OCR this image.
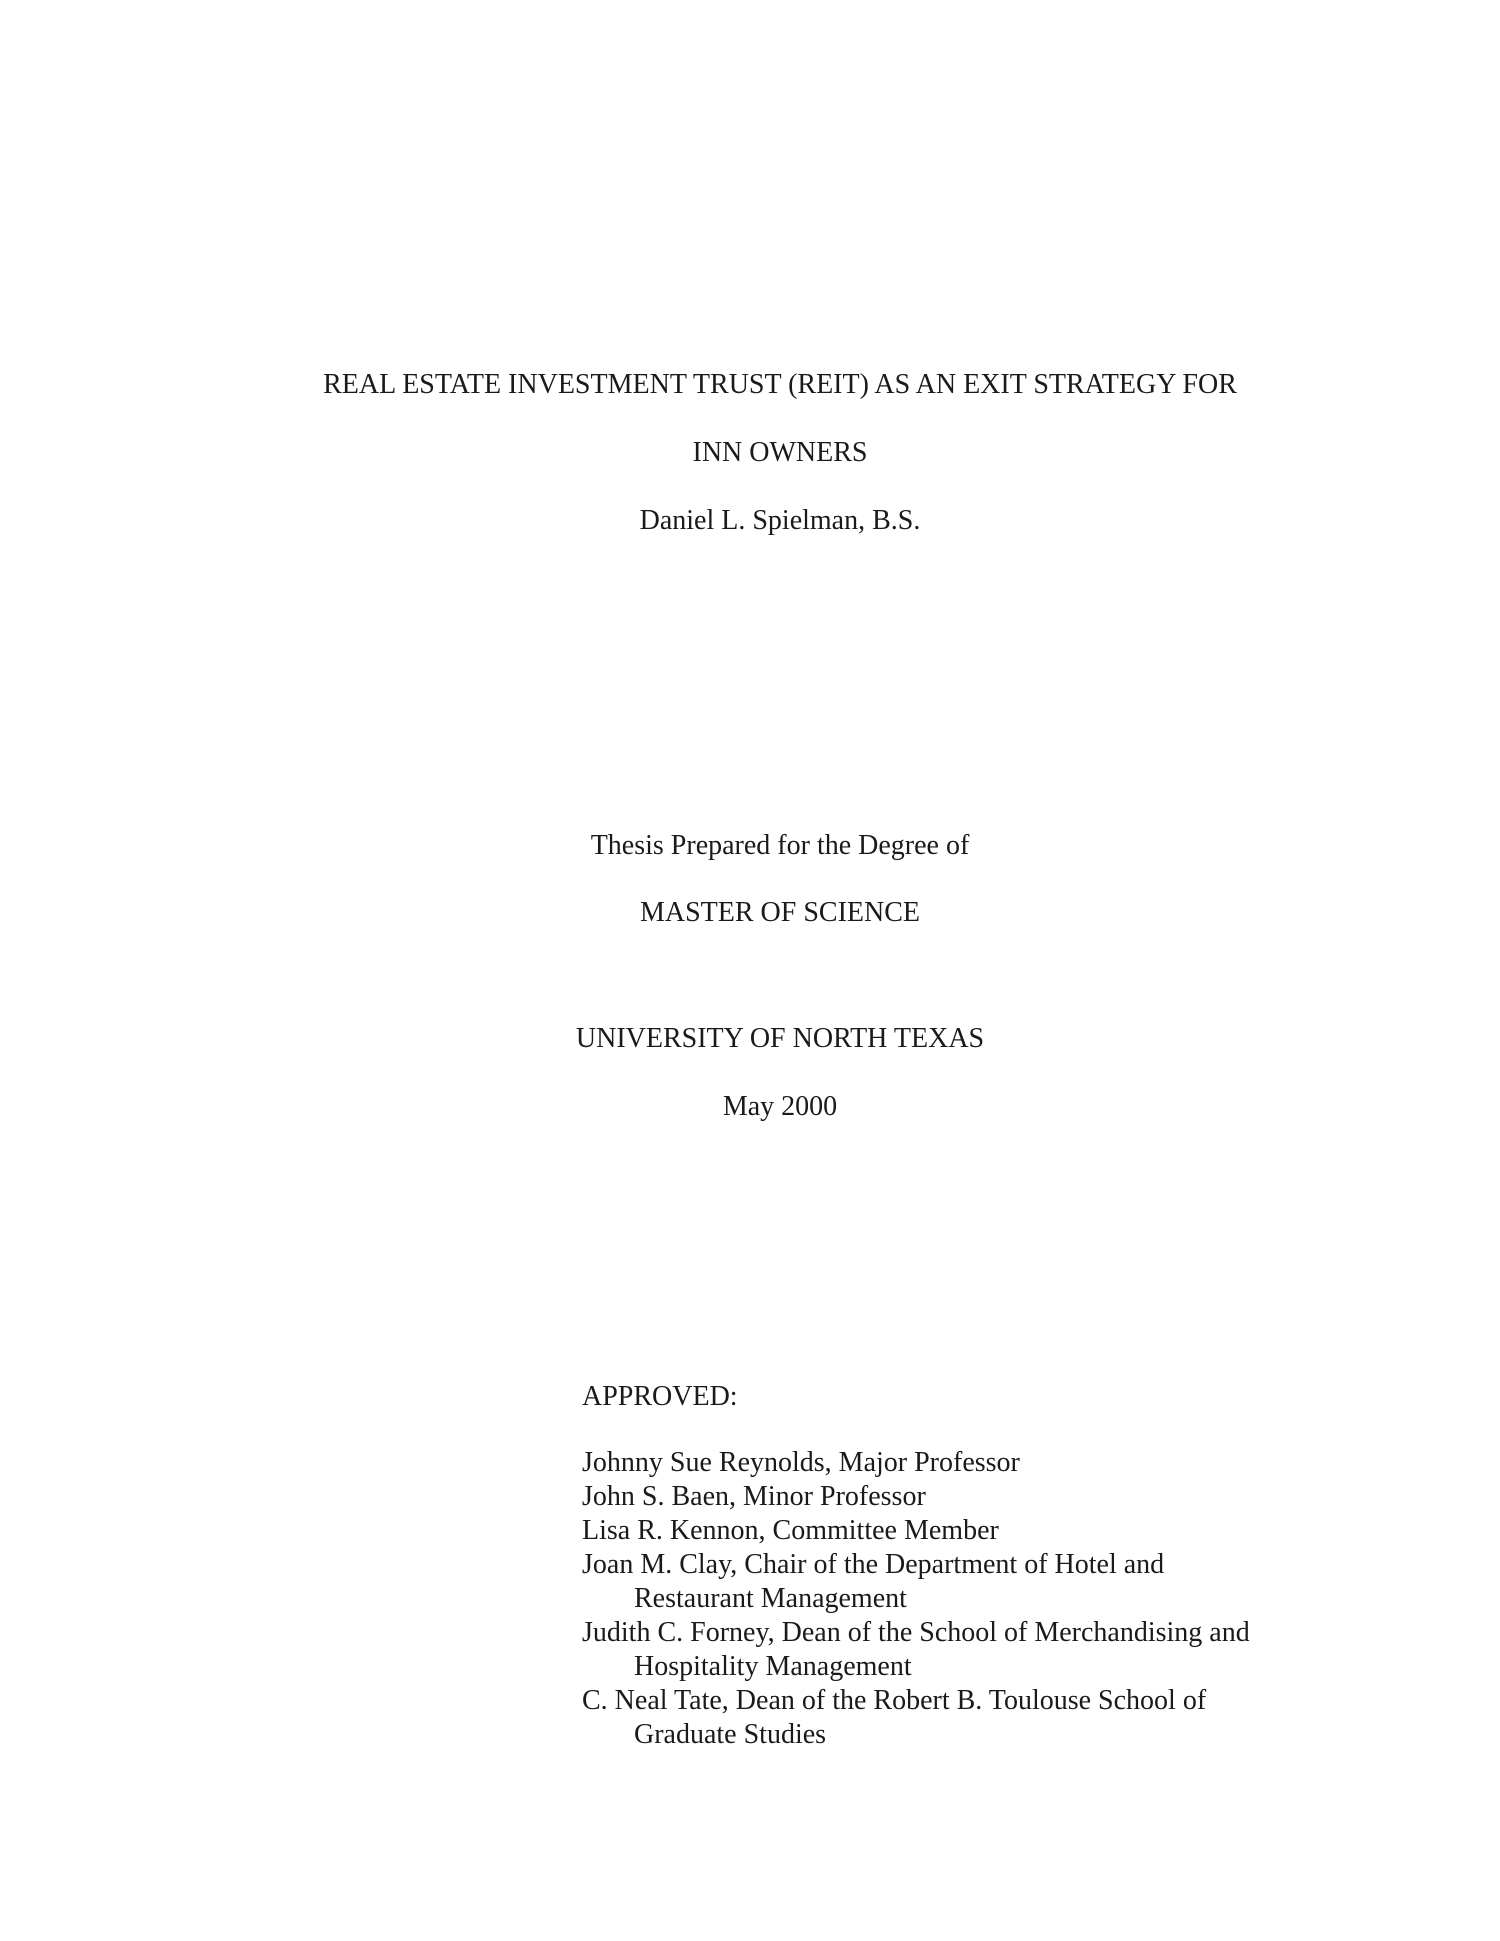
REAL ESTATE INVESTMENT TRUST (REIT) AS AN EXIT STRATEGY FOR
INN OWNERS
Daniel L. Spielman, B.S.
Thesis Prepared for the Degree of
MASTER OF SCIENCE
UNIVERSITY OF NORTH TEXAS
May 2000
APPROVED:
Johnny Sue Reynolds, Major Professor
John S. Baen, Minor Professor
Lisa R. Kennon, Committee Member
Joan M. Clay, Chair of the Department of Hotel and
Restaurant Management
Judith C. Forney, Dean of the School of Merchandising and
Hospitality Management
C. Neal Tate, Dean of the Robert B. Toulouse School of
Graduate Studies
